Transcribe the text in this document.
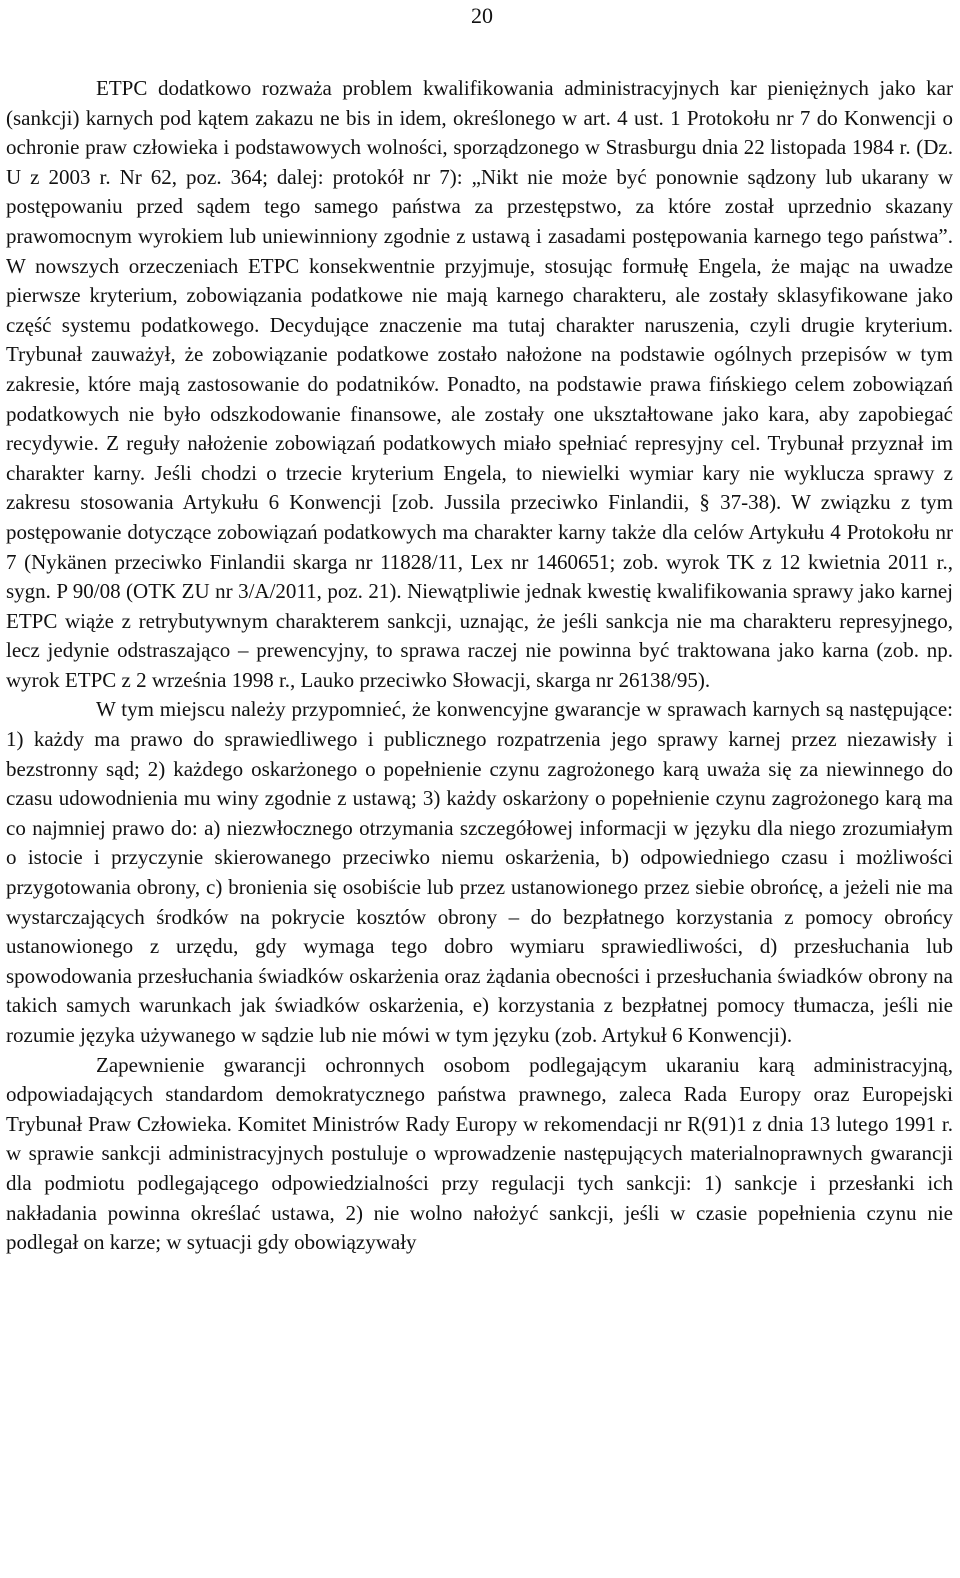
20

ETPC dodatkowo rozważa problem kwalifikowania administracyjnych kar pieniężnych jako kar (sankcji) karnych pod kątem zakazu ne bis in idem, określonego w art. 4 ust. 1 Protokołu nr 7 do Konwencji o ochronie praw człowieka i podstawowych wolności, sporządzonego w Strasburgu dnia 22 listopada 1984 r. (Dz. U z 2003 r. Nr 62, poz. 364; dalej: protokół nr 7): „Nikt nie może być ponownie sądzony lub ukarany w postępowaniu przed sądem tego samego państwa za przestępstwo, za które został uprzednio skazany prawomocnym wyrokiem lub uniewinniony zgodnie z ustawą i zasadami postępowania karnego tego państwa”. W nowszych orzeczeniach ETPC konsekwentnie przyjmuje, stosując formułę Engela, że mając na uwadze pierwsze kryterium, zobowiązania podatkowe nie mają karnego charakteru, ale zostały sklasyfikowane jako część systemu podatkowego. Decydujące znaczenie ma tutaj charakter naruszenia, czyli drugie kryterium. Trybunał zauważył, że zobowiązanie podatkowe zostało nałożone na podstawie ogólnych przepisów w tym zakresie, które mają zastosowanie do podatników. Ponadto, na podstawie prawa fińskiego celem zobowiązań podatkowych nie było odszkodowanie finansowe, ale zostały one ukształtowane jako kara, aby zapobiegać recydywie. Z reguły nałożenie zobowiązań podatkowych miało spełniać represyjny cel. Trybunał przyznał im charakter karny. Jeśli chodzi o trzecie kryterium Engela, to niewielki wymiar kary nie wyklucza sprawy z zakresu stosowania Artykułu 6 Konwencji [zob. Jussila przeciwko Finlandii, § 37-38). W związku z tym postępowanie dotyczące zobowiązań podatkowych ma charakter karny także dla celów Artykułu 4 Protokołu nr 7 (Nykänen przeciwko Finlandii skarga nr 11828/11, Lex nr 1460651; zob. wyrok TK z 12 kwietnia 2011 r., sygn. P 90/08 (OTK ZU nr 3/A/2011, poz. 21). Niewątpliwie jednak kwestię kwalifikowania sprawy jako karnej ETPC wiąże z retrybutywnym charakterem sankcji, uznając, że jeśli sankcja nie ma charakteru represyjnego, lecz jedynie odstraszająco – prewencyjny, to sprawa raczej nie powinna być traktowana jako karna (zob. np. wyrok ETPC z 2 września 1998 r., Lauko przeciwko Słowacji, skarga nr 26138/95).

W tym miejscu należy przypomnieć, że konwencyjne gwarancje w sprawach karnych są następujące: 1) każdy ma prawo do sprawiedliwego i publicznego rozpatrzenia jego sprawy karnej przez niezawisły i bezstronny sąd; 2) każdego oskarżonego o popełnienie czynu zagrożonego karą uważa się za niewinnego do czasu udowodnienia mu winy zgodnie z ustawą; 3) każdy oskarżony o popełnienie czynu zagrożonego karą ma co najmniej prawo do: a) niezwłocznego otrzymania szczegółowej informacji w języku dla niego zrozumiałym o istocie i przyczynie skierowanego przeciwko niemu oskarżenia, b) odpowiedniego czasu i możliwości przygotowania obrony, c) bronienia się osobiście lub przez ustanowionego przez siebie obrońcę, a jeżeli nie ma wystarczających środków na pokrycie kosztów obrony – do bezpłatnego korzystania z pomocy obrońcy ustanowionego z urzędu, gdy wymaga tego dobro wymiaru sprawiedliwości, d) przesłuchania lub spowodowania przesłuchania świadków oskarżenia oraz żądania obecności i przesłuchania świadków obrony na takich samych warunkach jak świadków oskarżenia, e) korzystania z bezpłatnej pomocy tłumacza, jeśli nie rozumie języka używanego w sądzie lub nie mówi w tym języku (zob. Artykuł 6 Konwencji).

Zapewnienie gwarancji ochronnych osobom podlegającym ukaraniu karą administracyjną, odpowiadających standardom demokratycznego państwa prawnego, zaleca Rada Europy oraz Europejski Trybunał Praw Człowieka. Komitet Ministrów Rady Europy w rekomendacji nr R(91)1 z dnia 13 lutego 1991 r. w sprawie sankcji administracyjnych postuluje o wprowadzenie następujących materialnoprawnych gwarancji dla podmiotu podlegającego odpowiedzialności przy regulacji tych sankcji: 1) sankcje i przesłanki ich nakładania powinna określać ustawa, 2) nie wolno nałożyć sankcji, jeśli w czasie popełnienia czynu nie podlegał on karze; w sytuacji gdy obowiązywały
